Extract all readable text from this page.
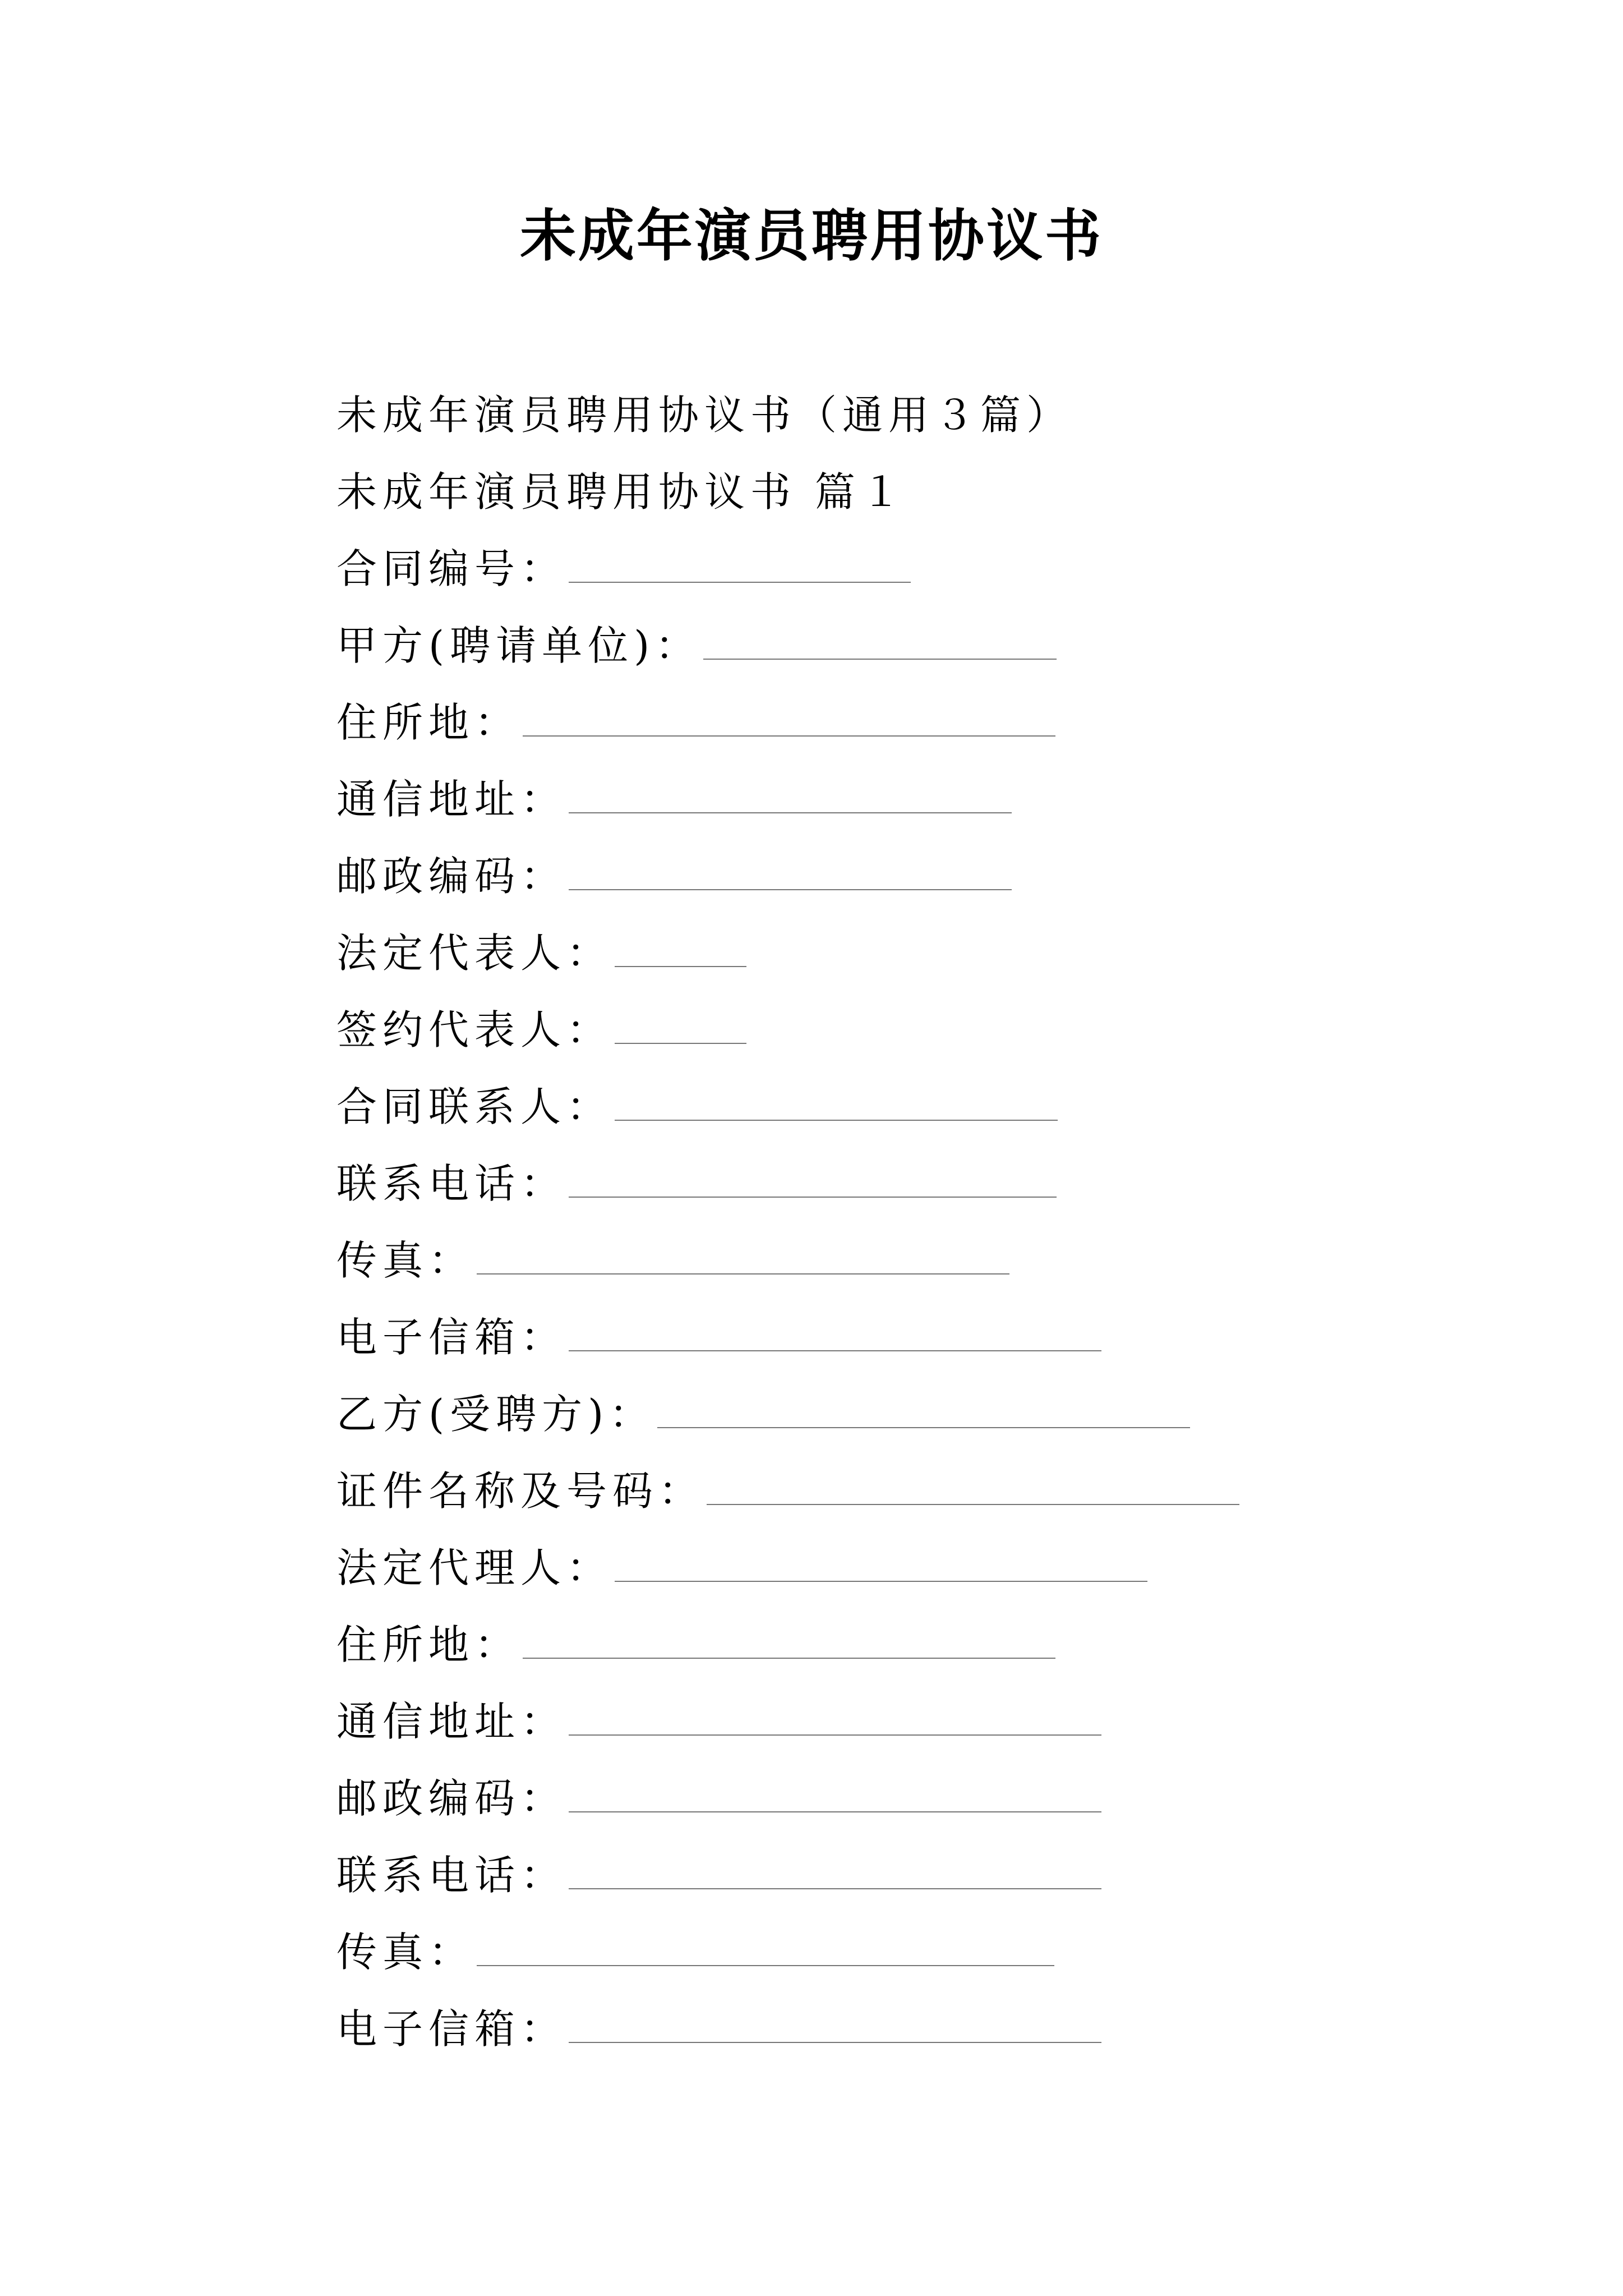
未成年演员聘用协议书
未成年演员聘用协议书（通用３篇）
未成年演员聘用协议书 篇１
合同编号：
甲方(聘请单位)：
住所地：
通信地址：
邮政编码：
法定代表人：
签约代表人：
合同联系人：
联系电话：
传真：
电子信箱：
乙方(受聘方)：
证件名称及号码：
法定代理人：
住所地：
通信地址：
邮政编码：
联系电话：
传真：
电子信箱：
